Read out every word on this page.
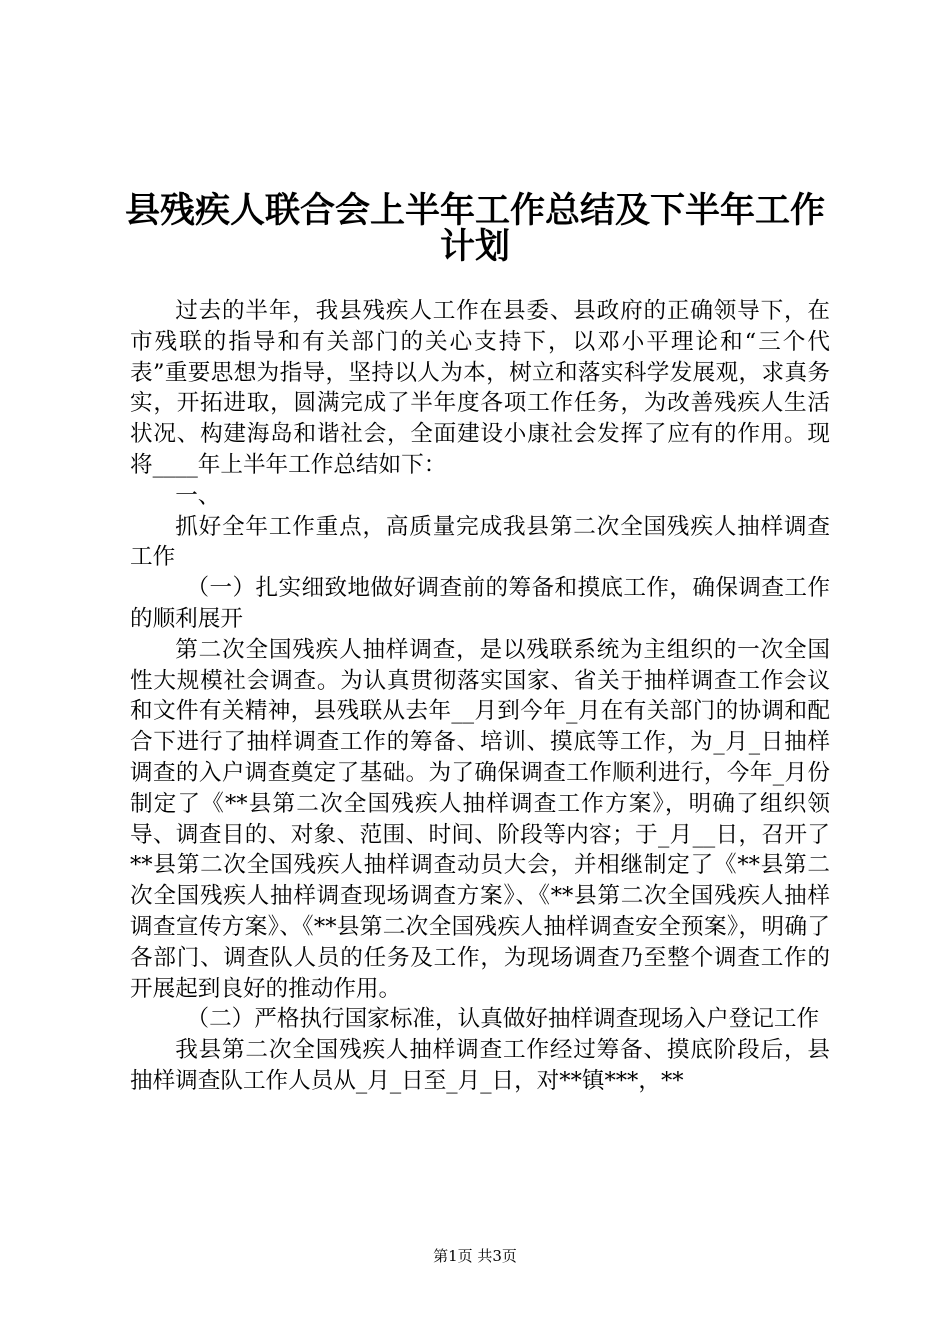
县残疾人联合会上半年工作总结及下半年工作
计划

过去的半年，我县残疾人工作在县委、县政府的正确领导下，在市残联的指导和有关部门的关心支持下，以邓小平理论和“三个代表”重要思想为指导，坚持以人为本，树立和落实科学发展观，求真务实，开拓进取，圆满完成了半年度各项工作任务，为改善残疾人生活状况、构建海岛和谐社会，全面建设小康社会发挥了应有的作用。现将____年上半年工作总结如下：

一、

抓好全年工作重点，高质量完成我县第二次全国残疾人抽样调查工作

（一）扎实细致地做好调查前的筹备和摸底工作，确保调查工作的顺利展开

第二次全国残疾人抽样调查，是以残联系统为主组织的一次全国性大规模社会调查。为认真贯彻落实国家、省关于抽样调查工作会议和文件有关精神，县残联从去年__月到今年_月在有关部门的协调和配合下进行了抽样调查工作的筹备、培训、摸底等工作，为_月_日抽样调查的入户调查奠定了基础。为了确保调查工作顺利进行，今年_月份制定了《**县第二次全国残疾人抽样调查工作方案》，明确了组织领导、调查目的、对象、范围、时间、阶段等内容；于_月__日，召开了**县第二次全国残疾人抽样调查动员大会，并相继制定了《**县第二次全国残疾人抽样调查现场调查方案》、《**县第二次全国残疾人抽样调查宣传方案》、《**县第二次全国残疾人抽样调查安全预案》，明确了各部门、调查队人员的任务及工作，为现场调查乃至整个调查工作的开展起到良好的推动作用。

（二）严格执行国家标准，认真做好抽样调查现场入户登记工作

我县第二次全国残疾人抽样调查工作经过筹备、摸底阶段后，县抽样调查队工作人员从_月_日至_月_日，对**镇***，**

第1页 共3页
